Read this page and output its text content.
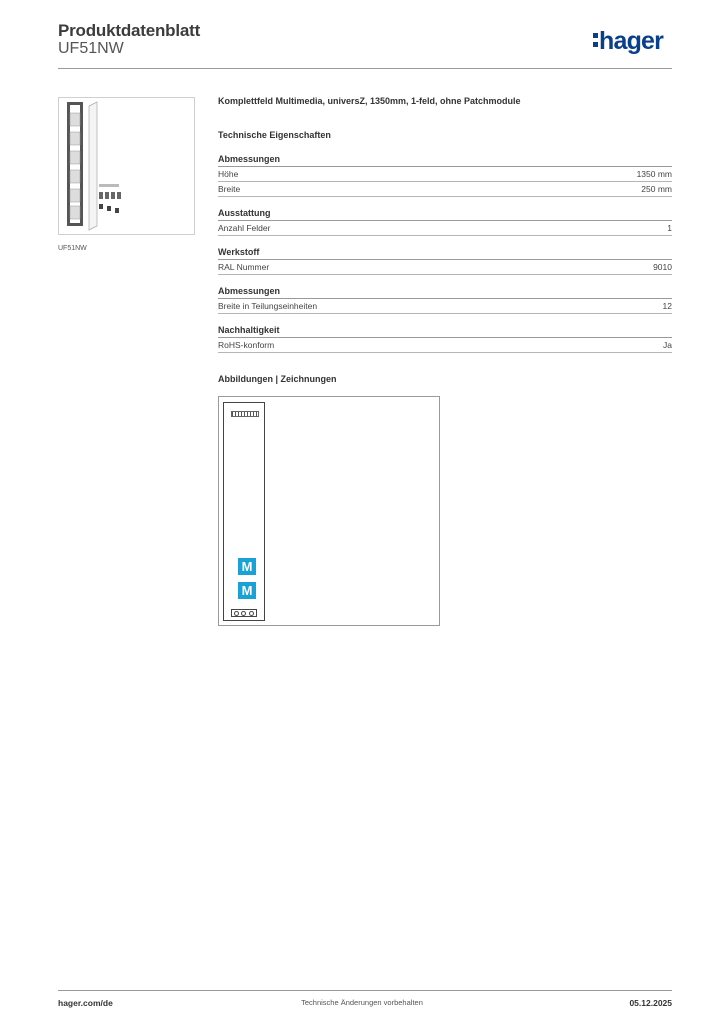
Produktdatenblatt
UF51NW	hager
UF51NW
Komplettfeld Multimedia, universZ, 1350mm, 1-feld, ohne Patchmodule
Technische Eigenschaften
Abmessungen
Höhe	1350 mm
Breite	250 mm
Ausstattung
Anzahl Felder	1
Werkstoff
RAL Nummer	9010
Abmessungen
Breite in Teilungseinheiten	12
Nachhaltigkeit
RoHS-konform	Ja
Abbildungen | Zeichnungen
M
M
hager.com/de	Technische Änderungen vorbehalten	05.12.2025
